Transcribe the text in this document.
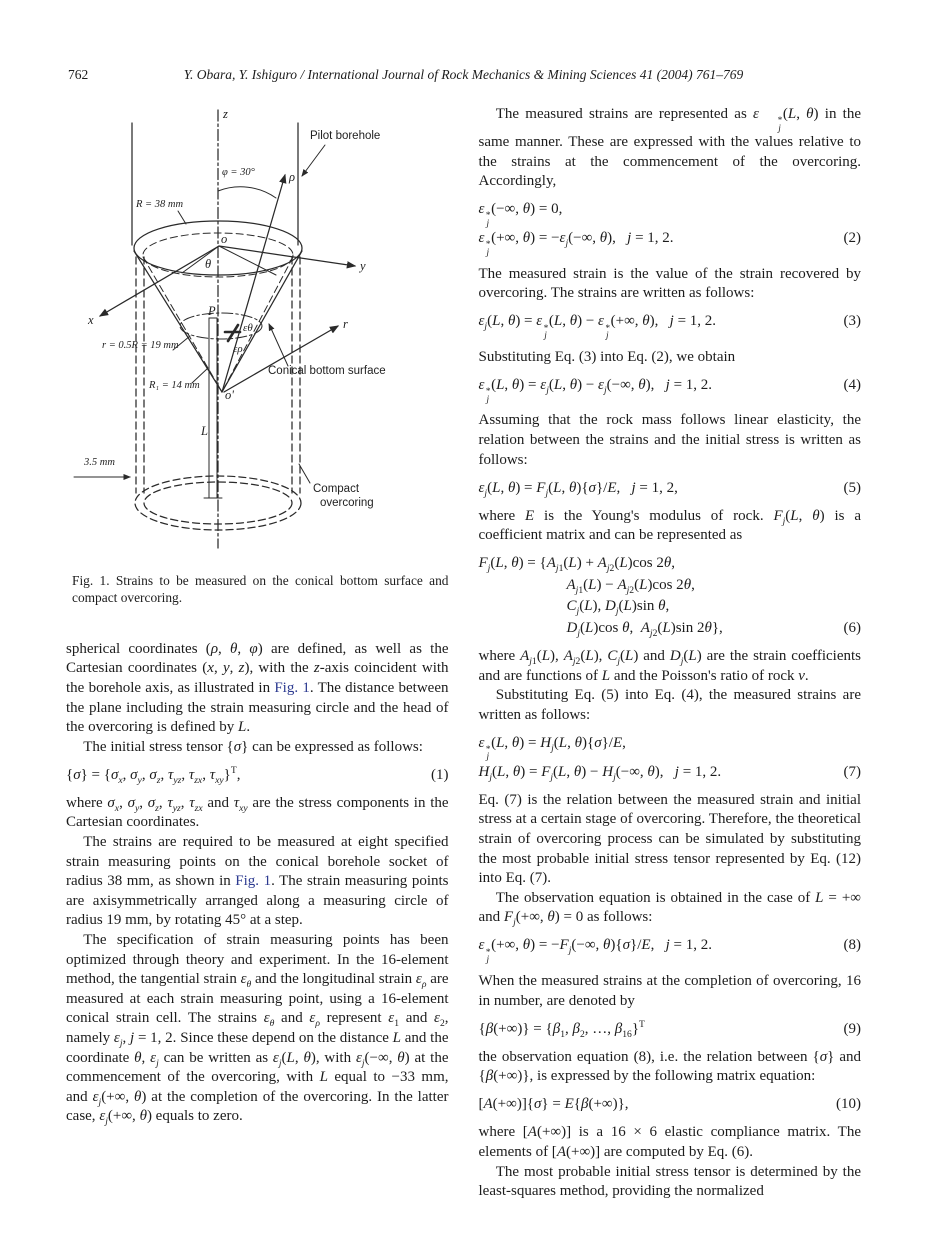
762	Y. Obara, Y. Ishiguro / International Journal of Rock Mechanics & Mining Sciences 41 (2004) 761–769
z
Pilot borehole
φ = 30°	ρ
R = 38 mm
o
θ
x
y
r
P
εθ
ερ
r = 0.5R = 19 mm
R₁ = 14 mm
Conical bottom surface
o'
L
3.5 mm
Compact
overcoring
Fig. 1. Strains to be measured on the conical bottom surface and compact overcoring.
spherical coordinates (ρ, θ, φ) are defined, as well as the Cartesian coordinates (x, y, z), with the z-axis coincident with the borehole axis, as illustrated in Fig. 1. The distance between the plane including the strain measuring circle and the head of the overcoring is defined by L.
The initial stress tensor {σ} can be expressed as follows:
$\{\sigma\} = \{\sigma_x$, $\sigma_y$, $\sigma_z$, $\tau_{yz}$, $\tau_{zx}$, $\tau_{xy}\}^T$,	(1)
where $\sigma_x$, $\sigma_y$, $\sigma_z$, $\tau_{yz}$, $\tau_{zx}$ and $\tau_{xy}$ are the stress components in the Cartesian coordinates.
The strains are required to be measured at eight specified strain measuring points on the conical borehole socket of radius 38 mm, as shown in Fig. 1. The strain measuring points are axisymmetrically arranged along a measuring circle of radius 19 mm, by rotating 45° at a step.
The specification of strain measuring points has been optimized through theory and experiment. In the 16-element method, the tangential strain $\varepsilon_\theta$ and the longitudinal strain $\varepsilon_\rho$ are measured at each strain measuring point, using a 16-element conical strain cell. The strains $\varepsilon_\theta$ and $\varepsilon_\rho$ represent $\varepsilon_1$ and $\varepsilon_2$, namely $\varepsilon_j$, j = 1, 2. Since these depend on the distance L and the coordinate θ, $\varepsilon_j$ can be written as $\varepsilon_j(L$, θ), with $\varepsilon_j(-\infty$, θ) at the commencement of the overcoring, with L equal to −33 mm, and $\varepsilon_j(+\infty$, θ) at the completion of the overcoring. In the latter case, $\varepsilon_j(+\infty$, θ) equals to zero.
The measured strains are represented as ε	*
j
(L, θ) in the same manner. These are expressed with the values relative to the strains at the commencement of the overcoring. Accordingly,
ε *
j
(−∞, θ) = 0,
ε *
j
(+∞, $\theta) = -\varepsilon_j(-\infty$, θ),   j = 1, 2.	(2)
The measured strain is the value of the strain recovered by overcoring. The strains are written as follows:
$\varepsilon_j(L$, θ) = ε *
j
(L, θ) − ε *
j
(+∞, θ),   j = 1, 2.	(3)
Substituting Eq. (3) into Eq. (2), we obtain
ε *
j
(L, $\theta) = \varepsilon_j(L$, $\theta) - \varepsilon_j(-\infty$, θ),   j = 1, 2.	(4)
Assuming that the rock mass follows linear elasticity, the relation between the strains and the initial stress is written as follows:
$\varepsilon_j(L$, $\theta) = F_j(L$, θ){σ}/E,   j = 1, 2,	(5)
where E is the Young's modulus of rock. $F_j(L$, θ) is a coefficient matrix and can be represented as
$F_j(L$, $\theta) = \{A_{j1}(L) + A_{j2}(L)\cos$ 2θ,
$A_{j1}(L) - A_{j2}(L)\cos$ 2θ,
$C_j(L)$, $D_j(L)\sin$ θ,
$D_j(L)\cos$ θ,  $A_{j2}(L)\sin$ 2θ},	(6)
where $A_{j1}(L)$, $A_{j2}(L)$, $C_j(L)$ and $D_j(L)$ are the strain coefficients and are functions of L and the Poisson's ratio of rock v.
Substituting Eq. (5) into Eq. (4), the measured strains are written as follows:
ε *
j
(L, $\theta) = H_j(L$, θ){σ}/E,
$H_j(L$, $\theta) = F_j(L$, $\theta) - H_j(-\infty$, θ),   j = 1, 2.	(7)
Eq. (7) is the relation between the measured strain and initial stress at a certain stage of overcoring. Therefore, the theoretical strain of overcoring process can be simulated by substituting the most probable initial stress tensor represented by Eq. (12) into Eq. (7).
The observation equation is obtained in the case of L = +∞ and $F_j(+\infty$, θ) = 0 as follows:
ε *
j
(+∞, $\theta) = -F_j(-\infty$, θ){σ}/E,   j = 1, 2.	(8)
When the measured strains at the completion of overcoring, 16 in number, are denoted by
$\{\beta(+\infty)\} = \{\beta_1$, $\beta_2$, …, $\beta_{16}\}^T$	(9)
the observation equation (8), i.e. the relation between {σ} and {β(+∞)}, is expressed by the following matrix equation:
[A(+∞)]{σ} = E{β(+∞)},	(10)
where [A(+∞)] is a 16 × 6 elastic compliance matrix. The elements of [A(+∞)] are computed by Eq. (6).
The most probable initial stress tensor is determined by the least-squares method, providing the normalized
